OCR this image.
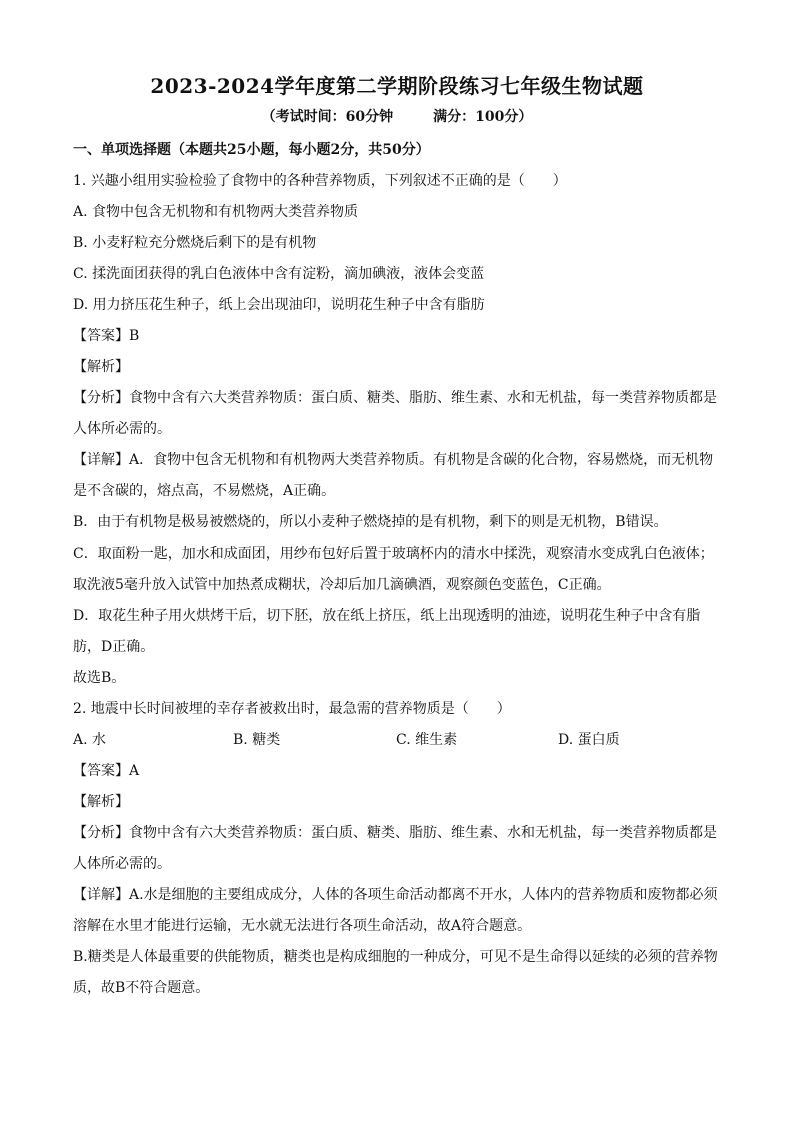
2023-2024学年度第二学期阶段练习七年级生物试题
（考试时间：60分钟	满分：100分）
一、单项选择题（本题共25小题，每小题2分，共50分）
1. 兴趣小组用实验检验了食物中的各种营养物质，下列叙述不正确的是（　　）
A. 食物中包含无机物和有机物两大类营养物质
B. 小麦籽粒充分燃烧后剩下的是有机物
C. 揉洗面团获得的乳白色液体中含有淀粉，滴加碘液，液体会变蓝
D. 用力挤压花生种子，纸上会出现油印，说明花生种子中含有脂肪
【答案】B
【解析】
【分析】食物中含有六大类营养物质：蛋白质、糖类、脂肪、维生素、水和无机盐，每一类营养物质都是
人体所必需的。
【详解】A．食物中包含无机物和有机物两大类营养物质。有机物是含碳的化合物，容易燃烧，而无机物
是不含碳的，熔点高，不易燃烧，A正确。
B．由于有机物是极易被燃烧的，所以小麦种子燃烧掉的是有机物，剩下的则是无机物，B错误。
C．取面粉一匙，加水和成面团，用纱布包好后置于玻璃杯内的清水中揉洗，观察清水变成乳白色液体；
取洗液5毫升放入试管中加热煮成糊状，冷却后加几滴碘酒，观察颜色变蓝色，C正确。
D．取花生种子用火烘烤干后，切下胚，放在纸上挤压，纸上出现透明的油迹，说明花生种子中含有脂
肪，D正确。
故选B。
2. 地震中长时间被埋的幸存者被救出时，最急需的营养物质是（　　）
A. 水	B. 糖类	C. 维生素	D. 蛋白质
【答案】A
【解析】
【分析】食物中含有六大类营养物质：蛋白质、糖类、脂肪、维生素、水和无机盐，每一类营养物质都是
人体所必需的。
【详解】A.水是细胞的主要组成成分，人体的各项生命活动都离不开水，人体内的营养物质和废物都必须
溶解在水里才能进行运输，无水就无法进行各项生命活动，故A符合题意。
B.糖类是人体最重要的供能物质，糖类也是构成细胞的一种成分，可见不是生命得以延续的必须的营养物
质，故B不符合题意。
